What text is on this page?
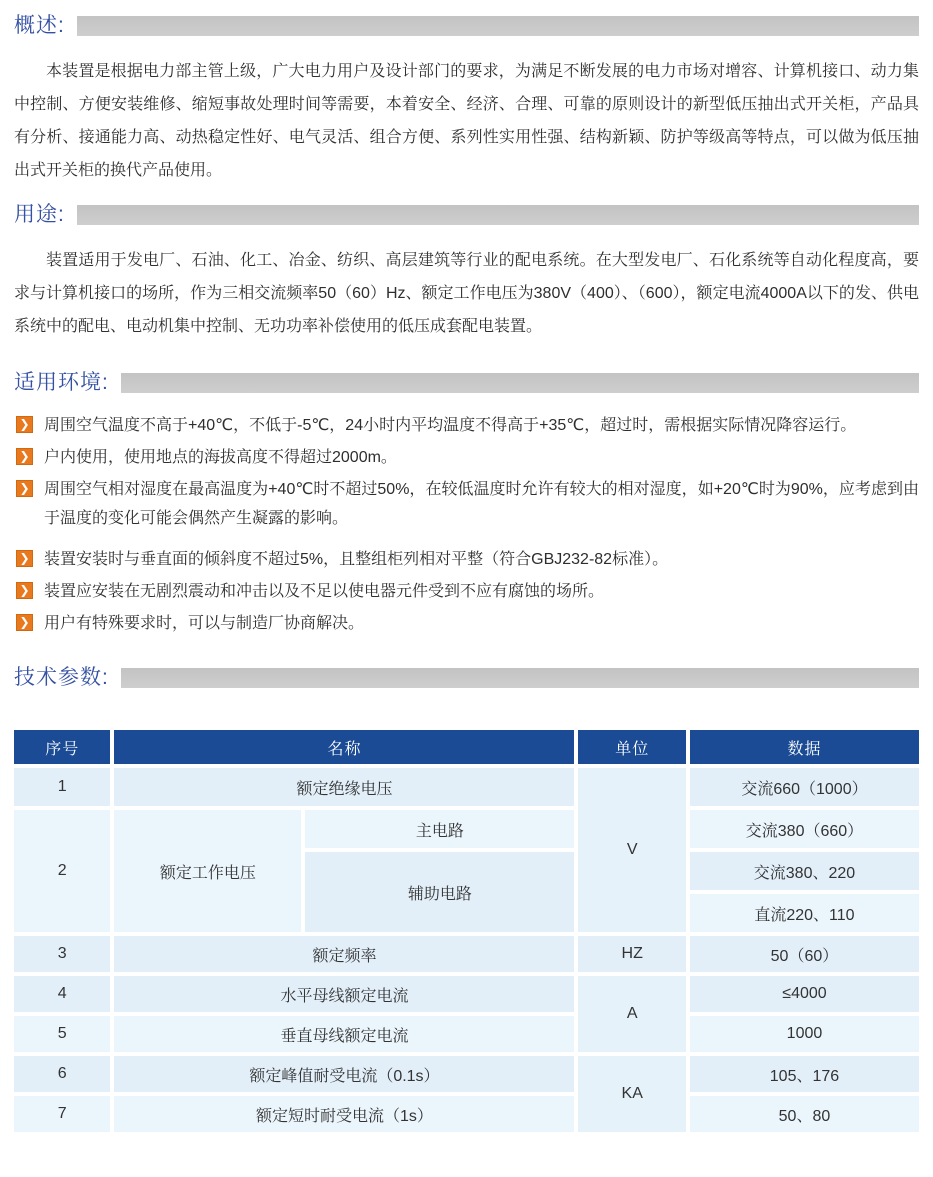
概述:

本装置是根据电力部主管上级，广大电力用户及设计部门的要求，为满足不断发展的电力市场对增容、计算机接口、动力集中控制、方便安装维修、缩短事故处理时间等需要，本着安全、经济、合理、可靠的原则设计的新型低压抽出式开关柜，产品具有分析、接通能力高、动热稳定性好、电气灵活、组合方便、系列性实用性强、结构新颖、防护等级高等特点，可以做为低压抽出式开关柜的换代产品使用。

用途:

装置适用于发电厂、石油、化工、冶金、纺织、高层建筑等行业的配电系统。在大型发电厂、石化系统等自动化程度高，要求与计算机接口的场所，作为三相交流频率50（60）Hz、额定工作电压为380V（400）、（600），额定电流4000A以下的发、供电系统中的配电、电动机集中控制、无功功率补偿使用的低压成套配电装置。

适用环境:
❯ 周围空气温度不高于+40℃，不低于-5℃，24小时内平均温度不得高于+35℃，超过时，需根据实际情况降容运行。
❯ 户内使用，使用地点的海拔高度不得超过2000m。
❯ 周围空气相对湿度在最高温度为+40℃时不超过50%，在较低温度时允许有较大的相对湿度，如+20℃时为90%，应考虑到由于温度的变化可能会偶然产生凝露的影响。
❯ 装置安装时与垂直面的倾斜度不超过5%，且整组柜列相对平整（符合GBJ232-82标准）。
❯ 装置应安装在无剧烈震动和冲击以及不足以使电器元件受到不应有腐蚀的场所。
❯ 用户有特殊要求时，可以与制造厂协商解决。
技术参数:
序号	名称		单位	数据
1	额定绝缘电压		V	交流660（1000）
2	额定工作电压	主电路		交流380（660）
		辅助电路		交流380、220
				直流220、110
3	额定频率		HZ	50（60）
4	水平母线额定电流		A	≤4000
5	垂直母线额定电流			1000
6	额定峰值耐受电流（0.1s）		KA	105、176
7	额定短时耐受电流（1s）			50、80
